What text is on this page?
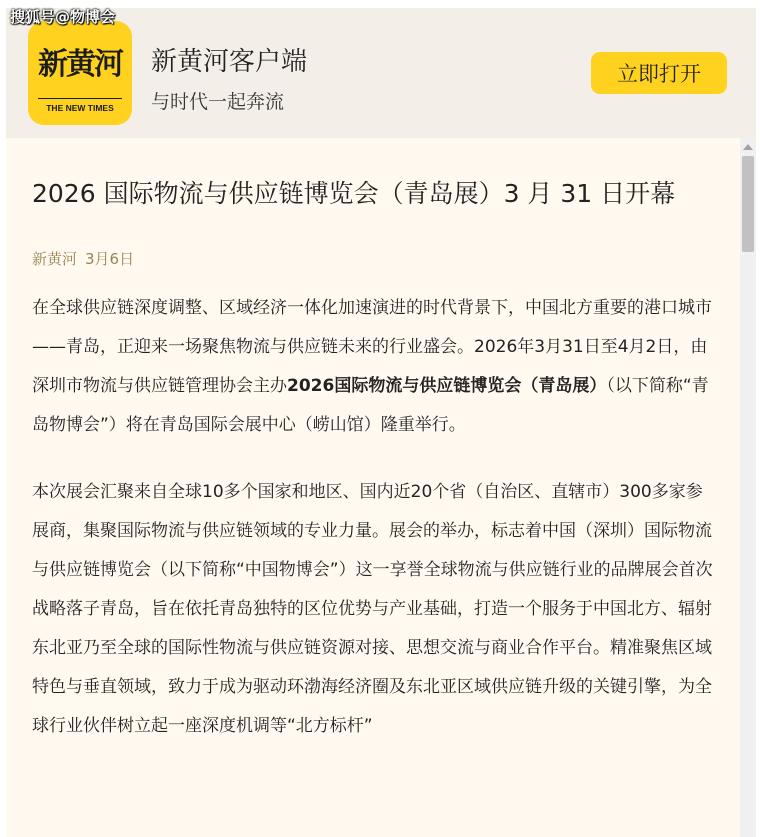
搜狐号@物博会
新黄河
THE NEW TIMES
新黄河客户端
与时代一起奔流
立即打开
2026 国际物流与供应链博览会（青岛展）3 月 31 日开幕
新黄河 3月6日

在全球供应链深度调整、区域经济一体化加速演进的时代背景下，中国北方重要的港口城市——青岛，正迎来一场聚焦物流与供应链未来的行业盛会。2026年3月31日至4月2日，由深圳市物流与供应链管理协会主办2026国际物流与供应链博览会（青岛展）（以下简称“青岛物博会”）将在青岛国际会展中心（崂山馆）隆重举行。

本次展会汇聚来自全球10多个国家和地区、国内近20个省（自治区、直辖市）300多家参展商，集聚国际物流与供应链领域的专业力量。展会的举办，标志着中国（深圳）国际物流与供应链博览会（以下简称“中国物博会”）这一享誉全球物流与供应链行业的品牌展会首次战略落子青岛，旨在依托青岛独特的区位优势与产业基础，打造一个服务于中国北方、辐射东北亚乃至全球的国际性物流与供应链资源对接、思想交流与商业合作平台。精准聚焦区域特色与垂直领域，致力于成为驱动环渤海经济圈及东北亚区域供应链升级的关键引擎，为全球行业伙伴树立起一座深度机调等“北方标杆”
